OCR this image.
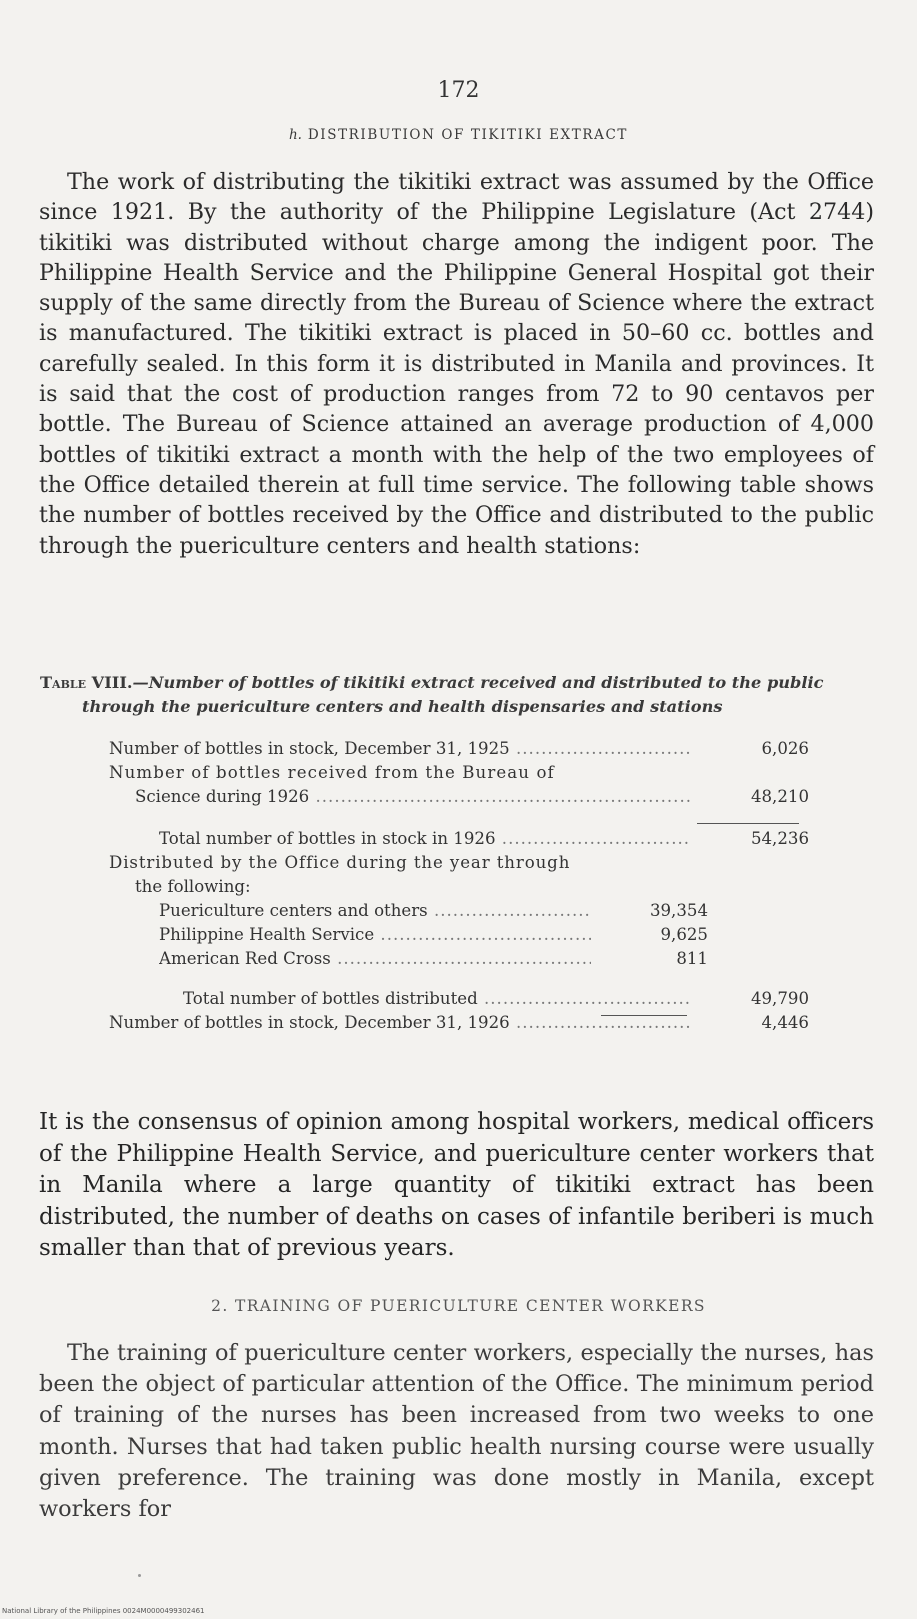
172
h. DISTRIBUTION OF TIKITIKI EXTRACT

The work of distributing the tikitiki extract was assumed by the Office since 1921. By the authority of the Philippine Legislature (Act 2744) tikitiki was distributed without charge among the indigent poor. The Philippine Health Service and the Philippine General Hospital got their supply of the same directly from the Bureau of Science where the extract is manufactured. The tikitiki extract is placed in 50–60 cc. bottles and carefully sealed. In this form it is distributed in Manila and provinces. It is said that the cost of production ranges from 72 to 90 centavos per bottle. The Bureau of Science attained an average production of 4,000 bottles of tikitiki extract a month with the help of the two employees of the Office detailed therein at full time service. The following table shows the number of bottles received by the Office and distributed to the public through the puericulture centers and health stations:

Table VIII.—Number of bottles of tikitiki extract received and distributed to the public through the puericulture centers and health dispensaries and stations
Number of bottles in stock, December 31, 1925 .....	6,026
Number of bottles received from the Bureau of
Science during 1926 .....	48,210
Total number of bottles in stock in 1926 .....	54,236
Distributed by the Office during the year through
the following:
Puericulture centers and others .....	39,354
Philippine Health Service .....	9,625
American Red Cross .....	811
Total number of bottles distributed .....	49,790
Number of bottles in stock, December 31, 1926 .....	4,446

It is the consensus of opinion among hospital workers, medical officers of the Philippine Health Service, and puericulture center workers that in Manila where a large quantity of tikitiki extract has been distributed, the number of deaths on cases of infantile beriberi is much smaller than that of previous years.

2. TRAINING OF PUERICULTURE CENTER WORKERS

The training of puericulture center workers, especially the nurses, has been the object of particular attention of the Office. The minimum period of training of the nurses has been increased from two weeks to one month. Nurses that had taken public health nursing course were usually given preference. The training was done mostly in Manila, except workers for

National Library of the Philippines 0024M0000499302461
